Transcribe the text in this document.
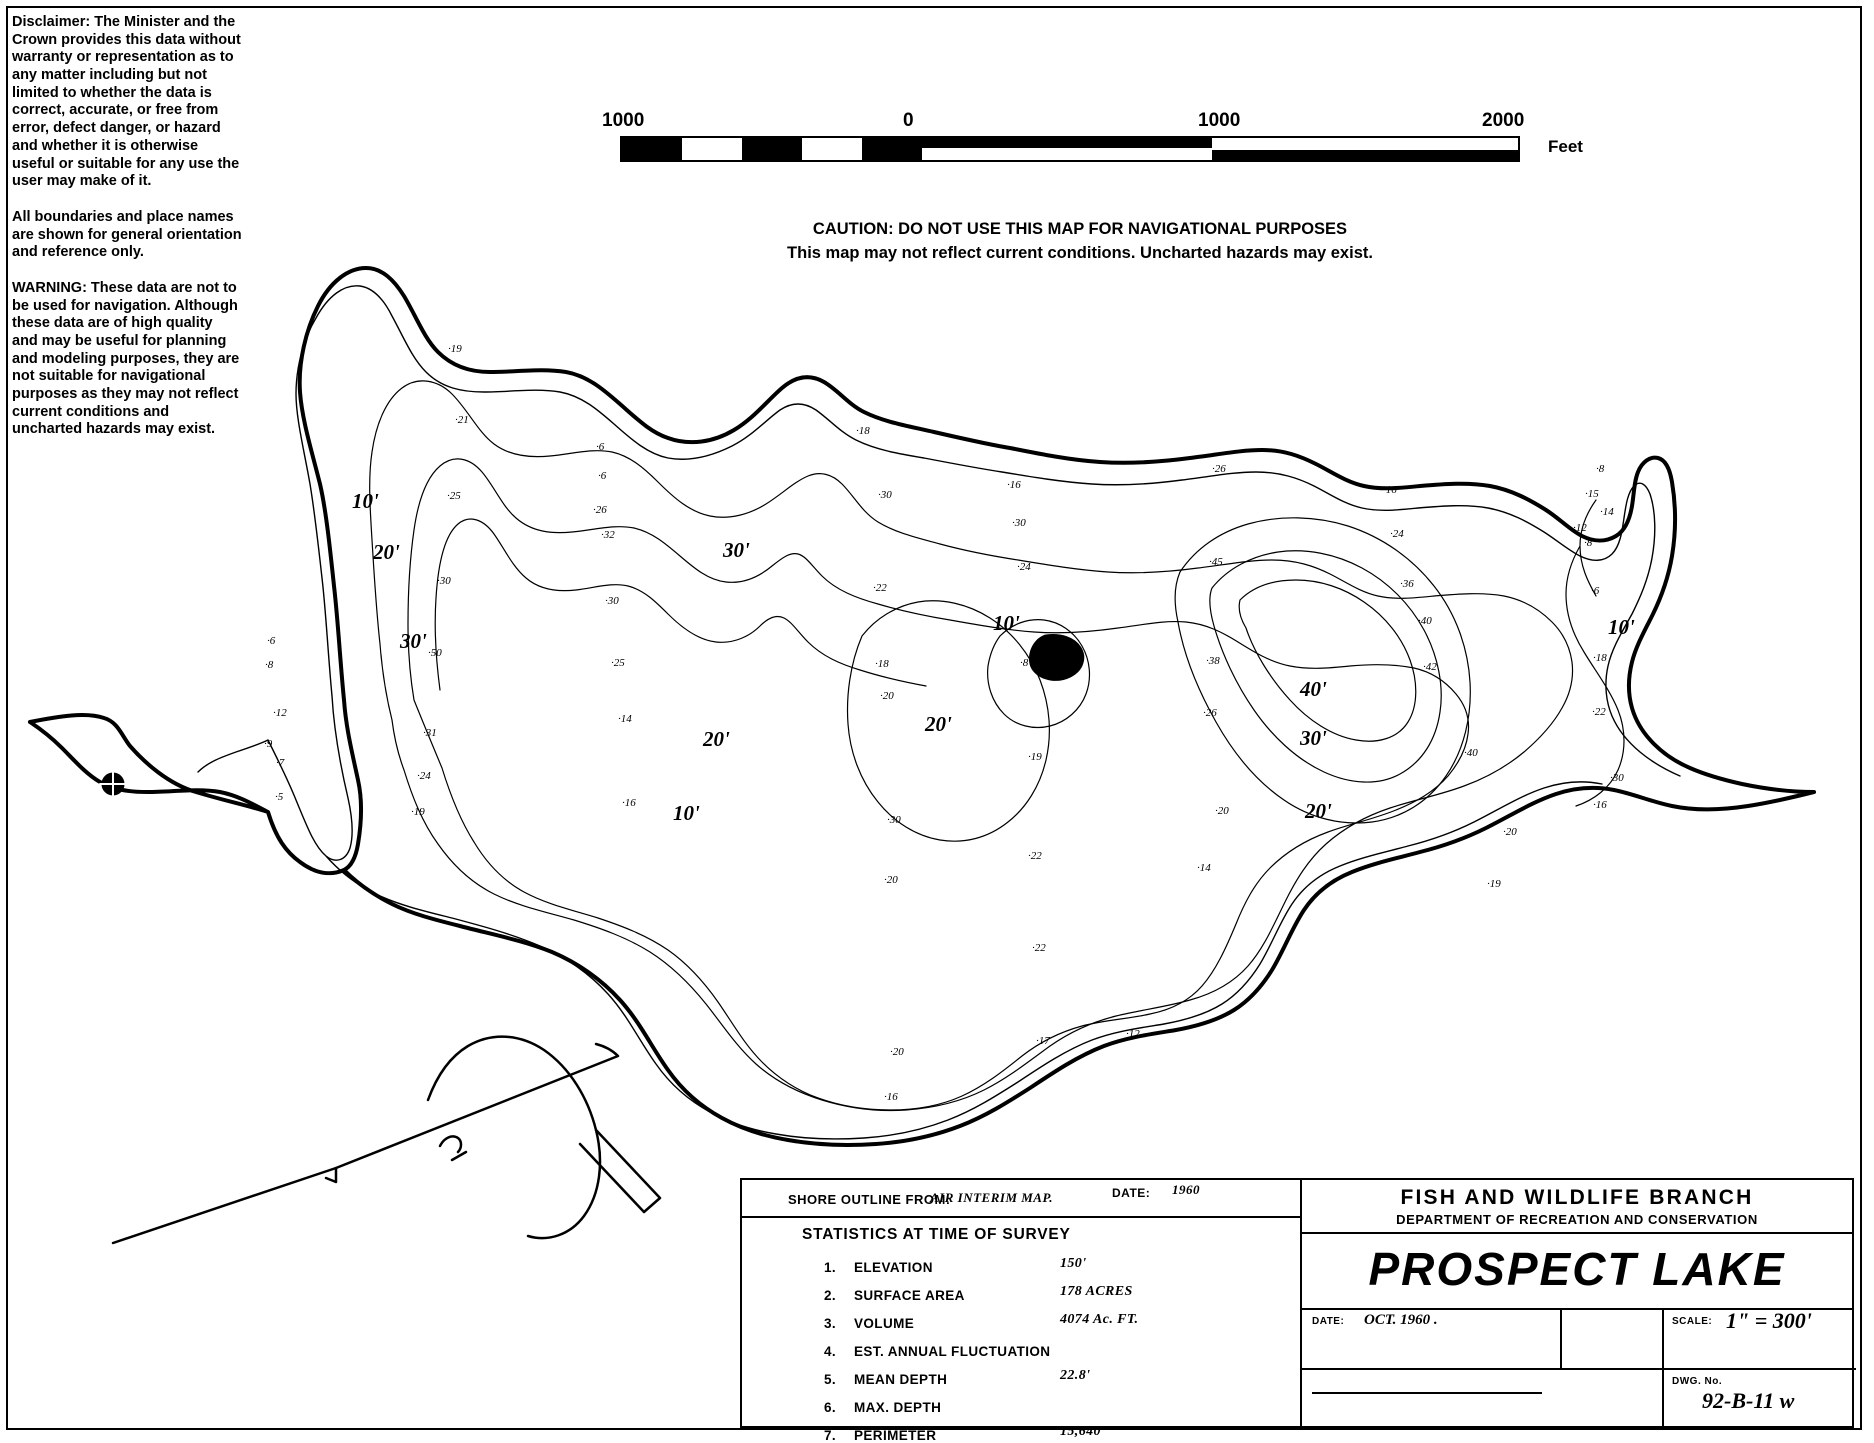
Disclaimer: The Minister and the Crown provides this data without warranty or representation as to any matter including but not limited to whether the data is correct, accurate, or free from error, defect danger, or hazard and whether it is otherwise useful or suitable for any use the user may make of it.

All boundaries and place names are shown for general orientation and reference only.

WARNING: These data are not to be used for navigation. Although these data are of high quality and may be useful for planning and modeling purposes, they are not suitable for navigational purposes as they may not reflect current conditions and uncharted hazards may exist.

1000	0	1000	2000
Feet
CAUTION: DO NOT USE THIS MAP FOR NAVIGATIONAL PURPOSES
This map may not reflect current conditions. Uncharted hazards may exist.
10'
20'
30'
30'
20'
10'
10'
20'
40'
30'
20'
10'
·19
·21
·6
·6
·25
·26
·32
·30
·30
·50
·25
·31
·14
·24
·16
·19
·6
·8
·12
·9
·7
·5
·18
·30
·16
·22
·30
·24
·18
·20
·8
·19
·30
·20
·22
·22
·20
·16
·17
·12
·26
·16
·24
·45
·36
·40
·38	·42
·26
·40
·20
·14
·8
·15
·14
·12
·8
·6
·18
·22
·30
·16
·20
·19
SHORE OUTLINE FROM:
AIR INTERIM MAP.	DATE: 1960
STATISTICS AT TIME OF SURVEY
1. ELEVATION	150'
2. SURFACE AREA	178 ACRES
3. VOLUME	4074 Ac. FT.
4. EST. ANNUAL FLUCTUATION
5. MEAN DEPTH	22.8'
6. MAX. DEPTH
7. PERIMETER	15,640'
FISH AND WILDLIFE BRANCH
DEPARTMENT OF RECREATION AND CONSERVATION
PROSPECT LAKE
DATE: OCT. 1960 .	SCALE: 1" = 300'
DWG. No.
92-B-11 w
